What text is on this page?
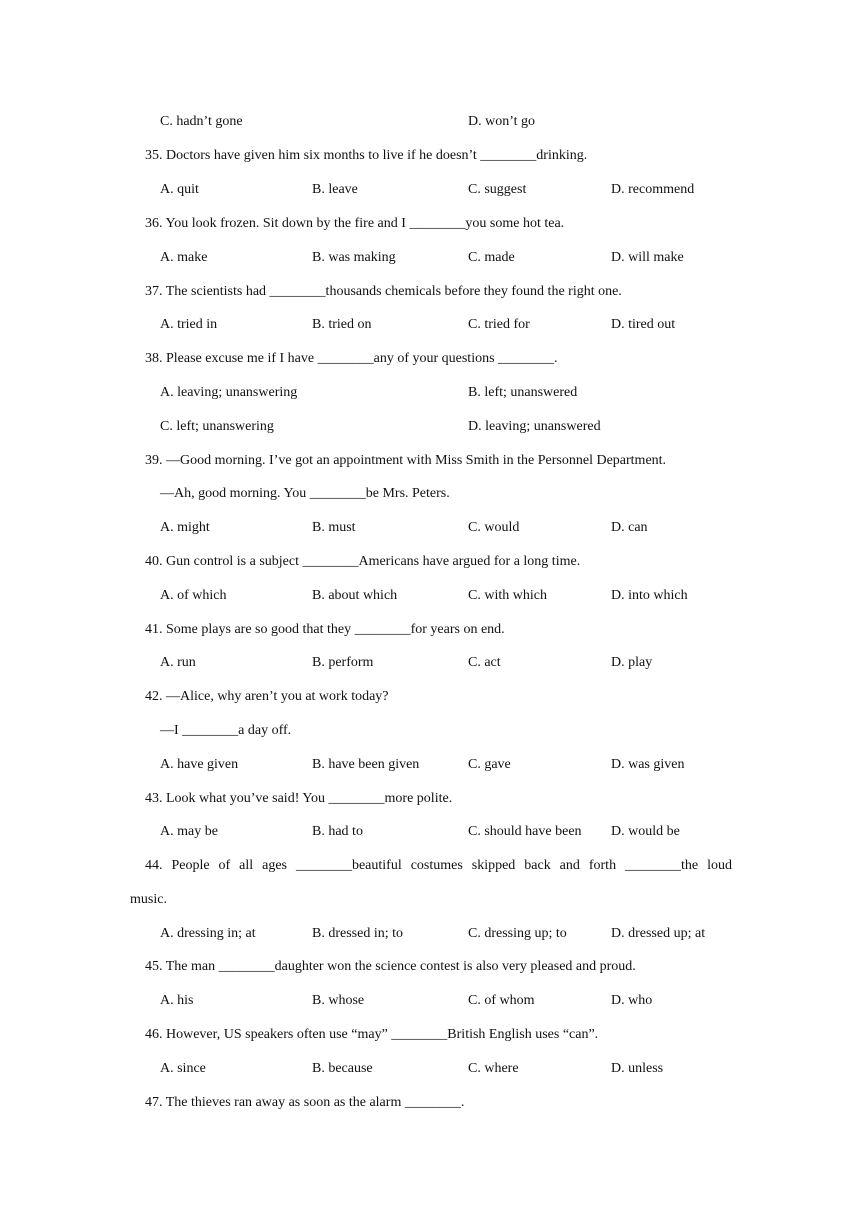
C. hadn’t gone	D. won’t go
35. Doctors have given him six months to live if he doesn’t ________drinking.
A. quit	B. leave	C. suggest	D. recommend
36. You look frozen. Sit down by the fire and I ________you some hot tea.
A. make	B. was making	C. made	D. will make
37. The scientists had ________thousands chemicals before they found the right one.
A. tried in	B. tried on	C. tried for	D. tired out
38. Please excuse me if I have ________any of your questions ________.
A. leaving; unanswering	B. left; unanswered
C. left; unanswering	D. leaving; unanswered
39. —Good morning. I’ve got an appointment with Miss Smith in the Personnel Department.
—Ah, good morning. You ________be Mrs. Peters.
A. might	B. must	C. would	D. can
40. Gun control is a subject ________Americans have argued for a long time.
A. of which	B. about which	C. with which	D. into which
41. Some plays are so good that they ________for years on end.
A. run	B. perform	C. act	D. play
42. —Alice, why aren’t you at work today?
—I ________a day off.
A. have given	B. have been given	C. gave	D. was given
43. Look what you’ve said! You ________more polite.
A. may be	B. had to	C. should have been D. would be
44. People of all ages ________beautiful costumes skipped back and forth ________the loud
music.
A. dressing in; at	B. dressed in; to	C. dressing up; to	D. dressed up; at
45. The man ________daughter won the science contest is also very pleased and proud.
A. his	B. whose	C. of whom	D. who
46. However, US speakers often use “may” ________British English uses “can”.
A. since	B. because	C. where	D. unless
47. The thieves ran away as soon as the alarm ________.
